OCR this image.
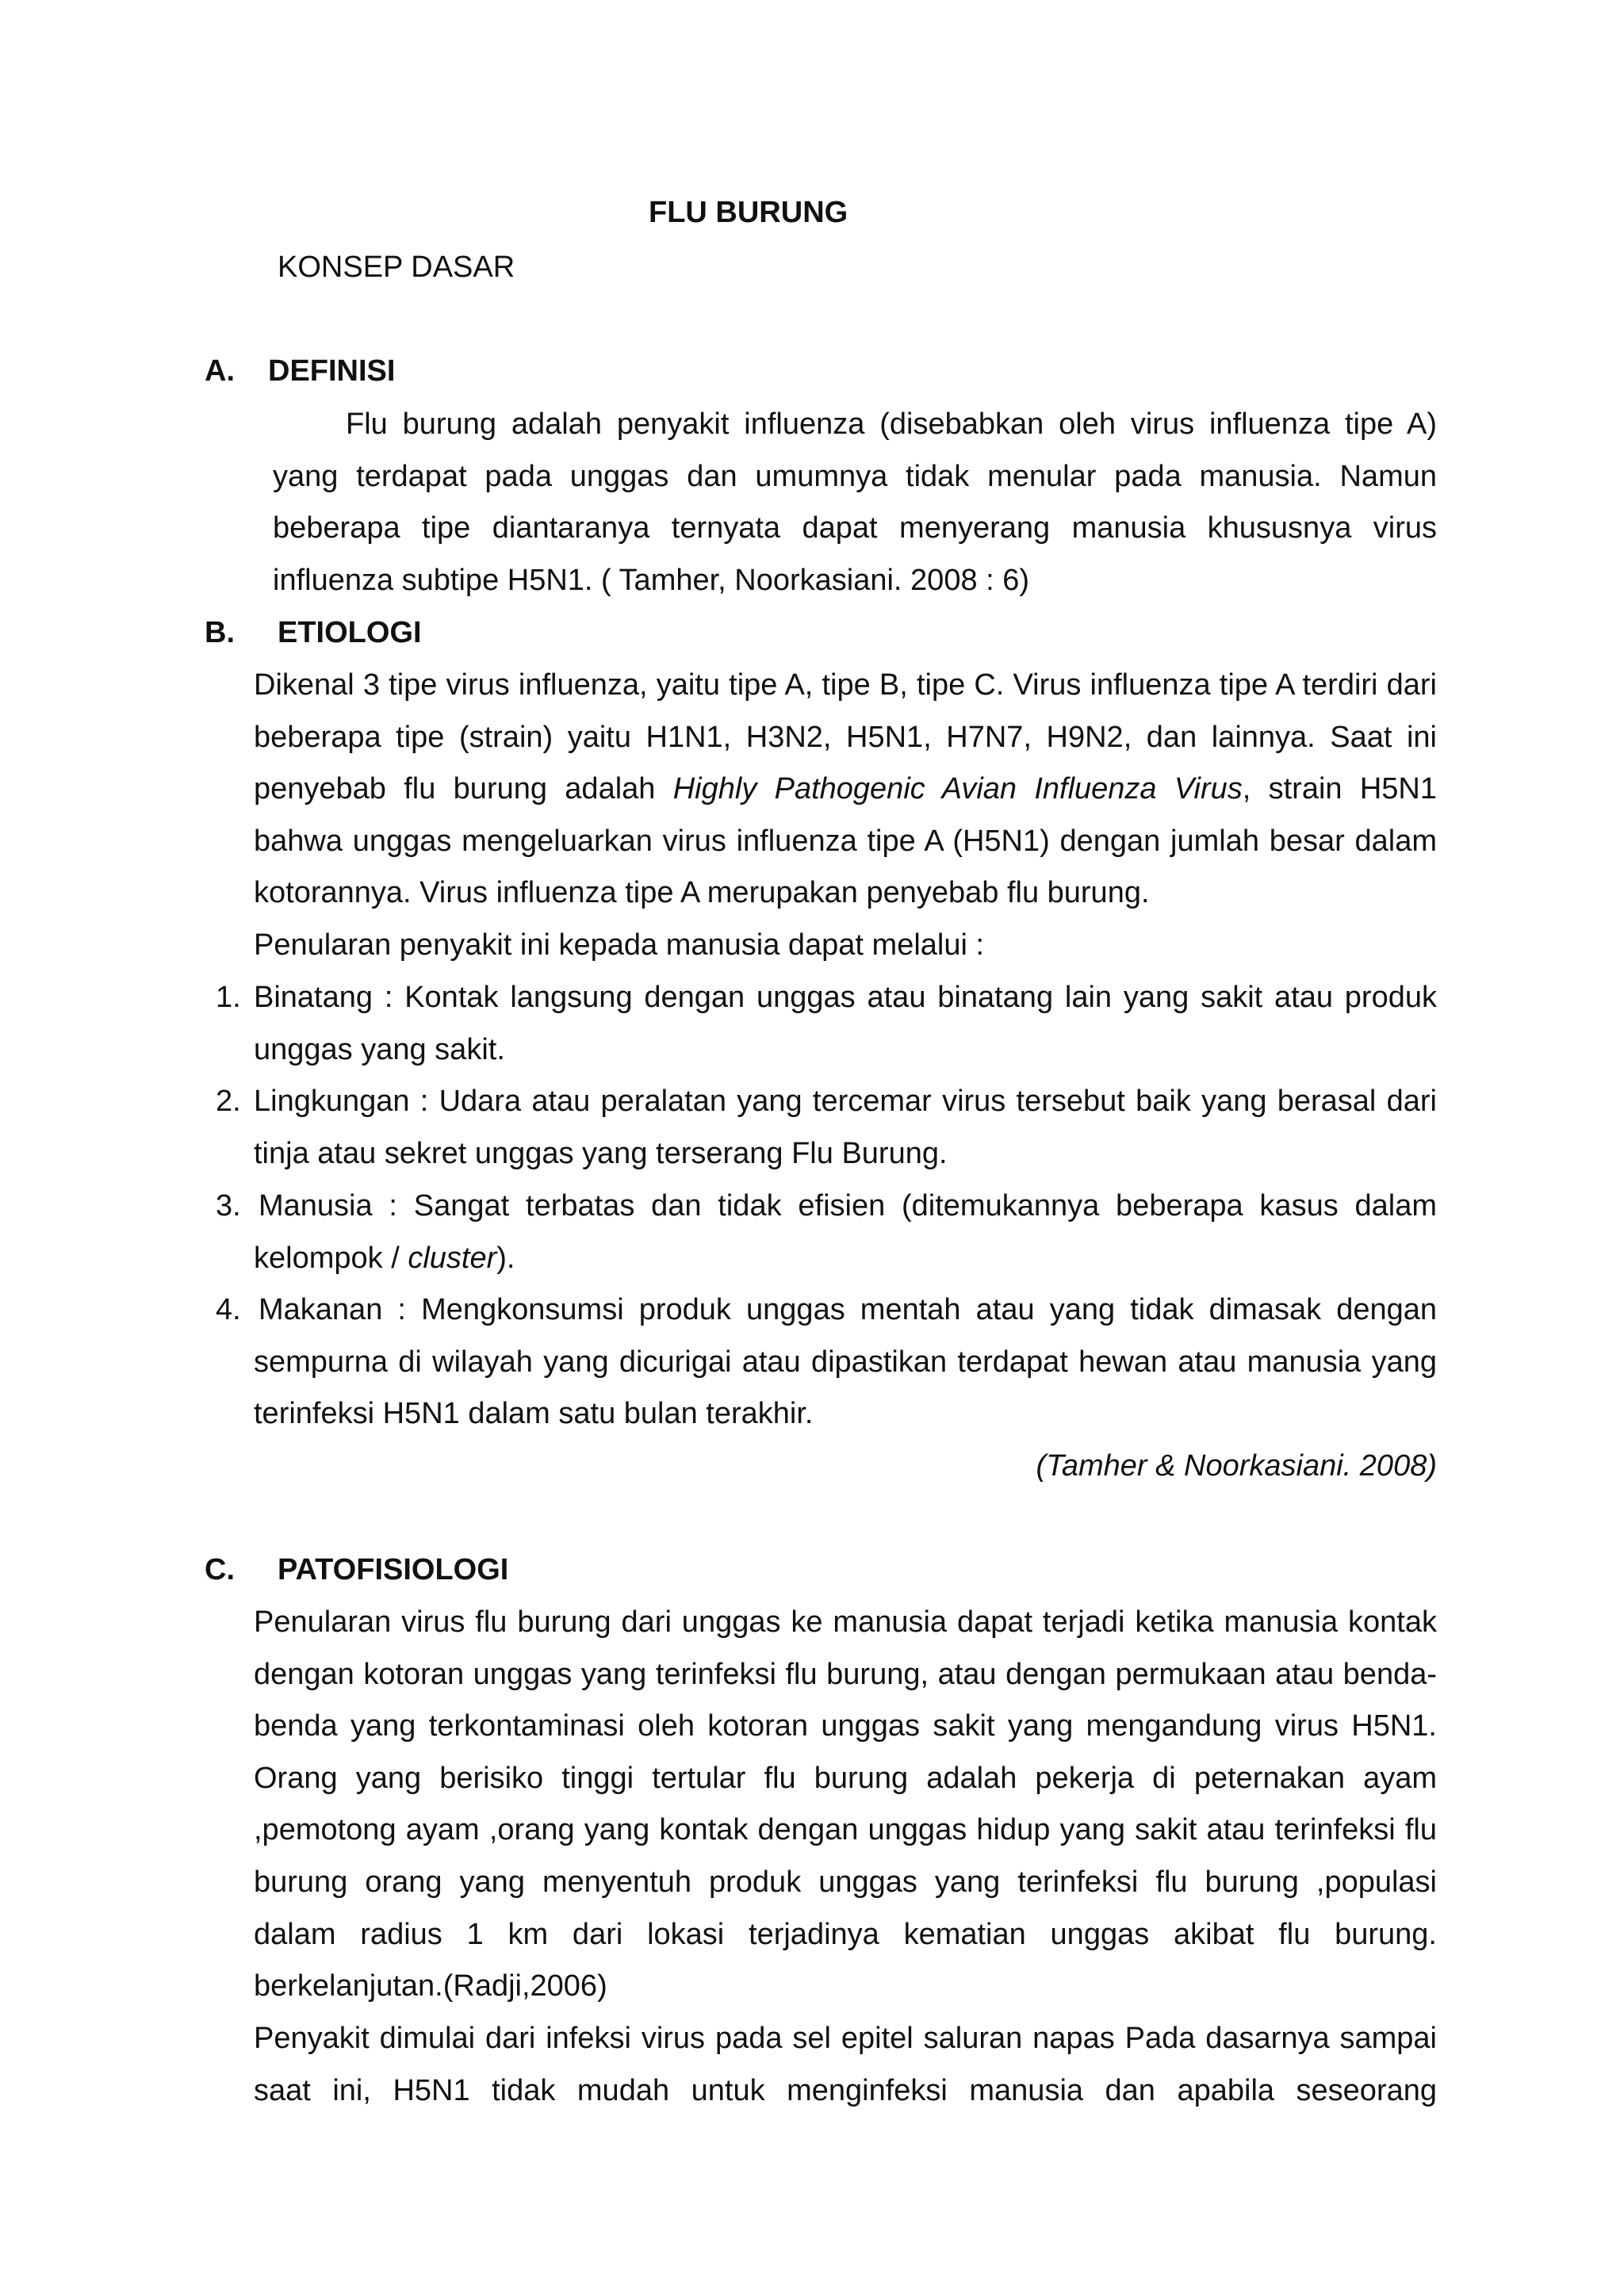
FLU BURUNG
KONSEP DASAR
A. DEFINISI
Flu burung adalah penyakit influenza (disebabkan oleh virus influenza tipe A)
yang terdapat pada unggas dan umumnya tidak menular pada manusia. Namun
beberapa tipe diantaranya ternyata dapat menyerang manusia khususnya virus
influenza subtipe H5N1. ( Tamher, Noorkasiani. 2008 : 6)
B. ETIOLOGI
Dikenal 3 tipe virus influenza, yaitu tipe A, tipe B, tipe C. Virus influenza tipe A terdiri dari
beberapa tipe (strain) yaitu H1N1, H3N2, H5N1, H7N7, H9N2, dan lainnya. Saat ini
penyebab flu burung adalah Highly Pathogenic Avian Influenza Virus, strain H5N1
bahwa unggas mengeluarkan virus influenza tipe A (H5N1) dengan jumlah besar dalam
kotorannya. Virus influenza tipe A merupakan penyebab flu burung.
Penularan penyakit ini kepada manusia dapat melalui :
1. Binatang : Kontak langsung dengan unggas atau binatang lain yang sakit atau produk
unggas yang sakit.
2. Lingkungan : Udara atau peralatan yang tercemar virus tersebut baik yang berasal dari
tinja atau sekret unggas yang terserang Flu Burung.
3. Manusia : Sangat terbatas dan tidak efisien (ditemukannya beberapa kasus dalam
kelompok / cluster).
4. Makanan : Mengkonsumsi produk unggas mentah atau yang tidak dimasak dengan
sempurna di wilayah yang dicurigai atau dipastikan terdapat hewan atau manusia yang
terinfeksi H5N1 dalam satu bulan terakhir.
(Tamher & Noorkasiani. 2008)
C. PATOFISIOLOGI
Penularan virus flu burung dari unggas ke manusia dapat terjadi ketika manusia kontak
dengan kotoran unggas yang terinfeksi flu burung, atau dengan permukaan atau benda-
benda yang terkontaminasi oleh kotoran unggas sakit yang mengandung virus H5N1.
Orang yang berisiko tinggi tertular flu burung adalah pekerja di peternakan ayam
,pemotong ayam ,orang yang kontak dengan unggas hidup yang sakit atau terinfeksi flu
burung orang yang menyentuh produk unggas yang terinfeksi flu burung ,populasi
dalam radius 1 km dari lokasi terjadinya kematian unggas akibat flu burung.
berkelanjutan.(Radji,2006)
Penyakit dimulai dari infeksi virus pada sel epitel saluran napas Pada dasarnya sampai
saat ini, H5N1 tidak mudah untuk menginfeksi manusia dan apabila seseorang
